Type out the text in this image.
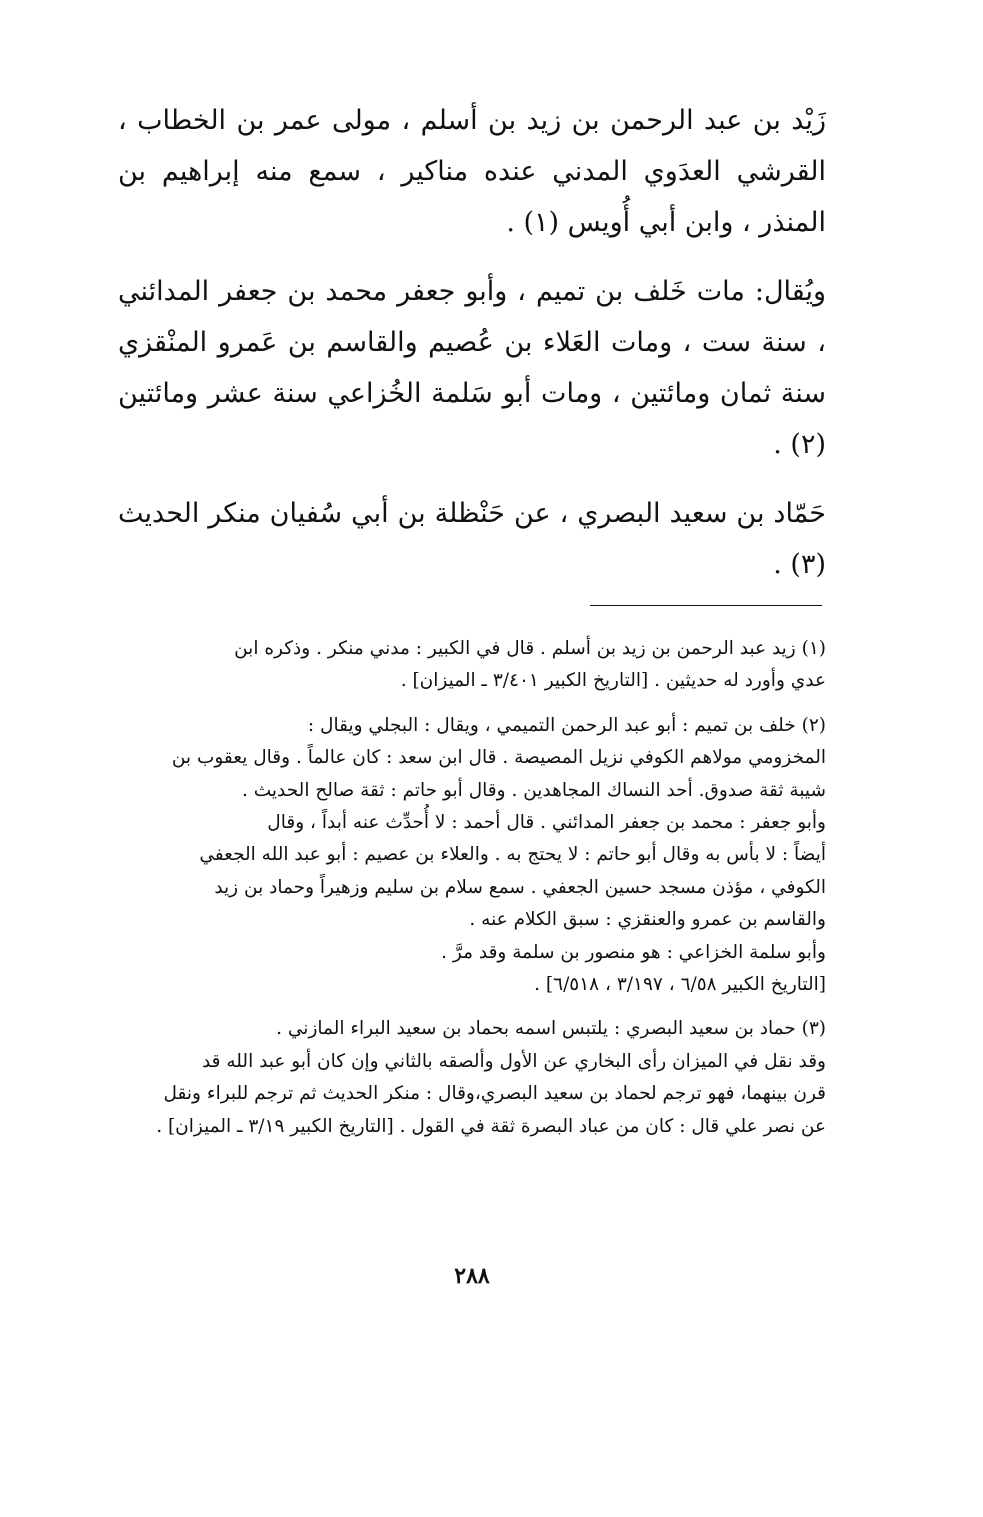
زَيْد بن عبد الرحمن بن زيد بن أسلم ، مولى عمر بن الخطاب ، القرشي العدَوي المدني عنده مناكير ، سمع منه إبراهيم بن المنذر ، وابن أبي أُويس (١) .

ويُقال: مات خَلف بن تميم ، وأبو جعفر محمد بن جعفر المدائني ، سنة ست ، ومات العَلاء بن عُصيم والقاسم بن عَمرو المنْقزي سنة ثمان ومائتين ، ومات أبو سَلمة الخُزاعي سنة عشر ومائتين (٢) .

حَمّاد بن سعيد البصري ، عن حَنْظلة بن أبي سُفيان منكر الحديث (٣) .

(١) زيد عبد الرحمن بن زيد بن أسلم . قال في الكبير : مدني منكر . وذكره ابن

عدي وأورد له حديثين . [التاريخ الكبير ٣/٤٠١ ـ الميزان] .

(٢) خلف بن تميم : أبو عبد الرحمن التميمي ، ويقال : البجلي ويقال :

المخزومي مولاهم الكوفي نزيل المصيصة . قال ابن سعد : كان عالماً . وقال يعقوب بن

شيبة ثقة صدوق. أحد النساك المجاهدين . وقال أبو حاتم : ثقة صالح الحديث .

وأبو جعفر : محمد بن جعفر المدائني . قال أحمد : لا أُحدِّث عنه أبداً ، وقال

أيضاً : لا بأس به وقال أبو حاتم : لا يحتج به . والعلاء بن عصيم : أبو عبد الله الجعفي

الكوفي ، مؤذن مسجد حسين الجعفي . سمع سلام بن سليم وزهيراً وحماد بن زيد

والقاسم بن عمرو والعنقزي : سبق الكلام عنه .

وأبو سلمة الخزاعي : هو منصور بن سلمة وقد مرَّ .

[التاريخ الكبير ٦/٥٨ ، ٣/١٩٧ ، ٦/٥١٨] .

(٣) حماد بن سعيد البصري : يلتبس اسمه بحماد بن سعيد البراء المازني .

وقد نقل في الميزان رأى البخاري عن الأول وألصقه بالثاني وإن كان أبو عبد الله قد

قرن بينهما، فهو ترجم لحماد بن سعيد البصري،وقال : منكر الحديث ثم ترجم للبراء ونقل

عن نصر علي قال : كان من عباد البصرة ثقة في القول . [التاريخ الكبير ٣/١٩ ـ الميزان] .

٢٨٨
